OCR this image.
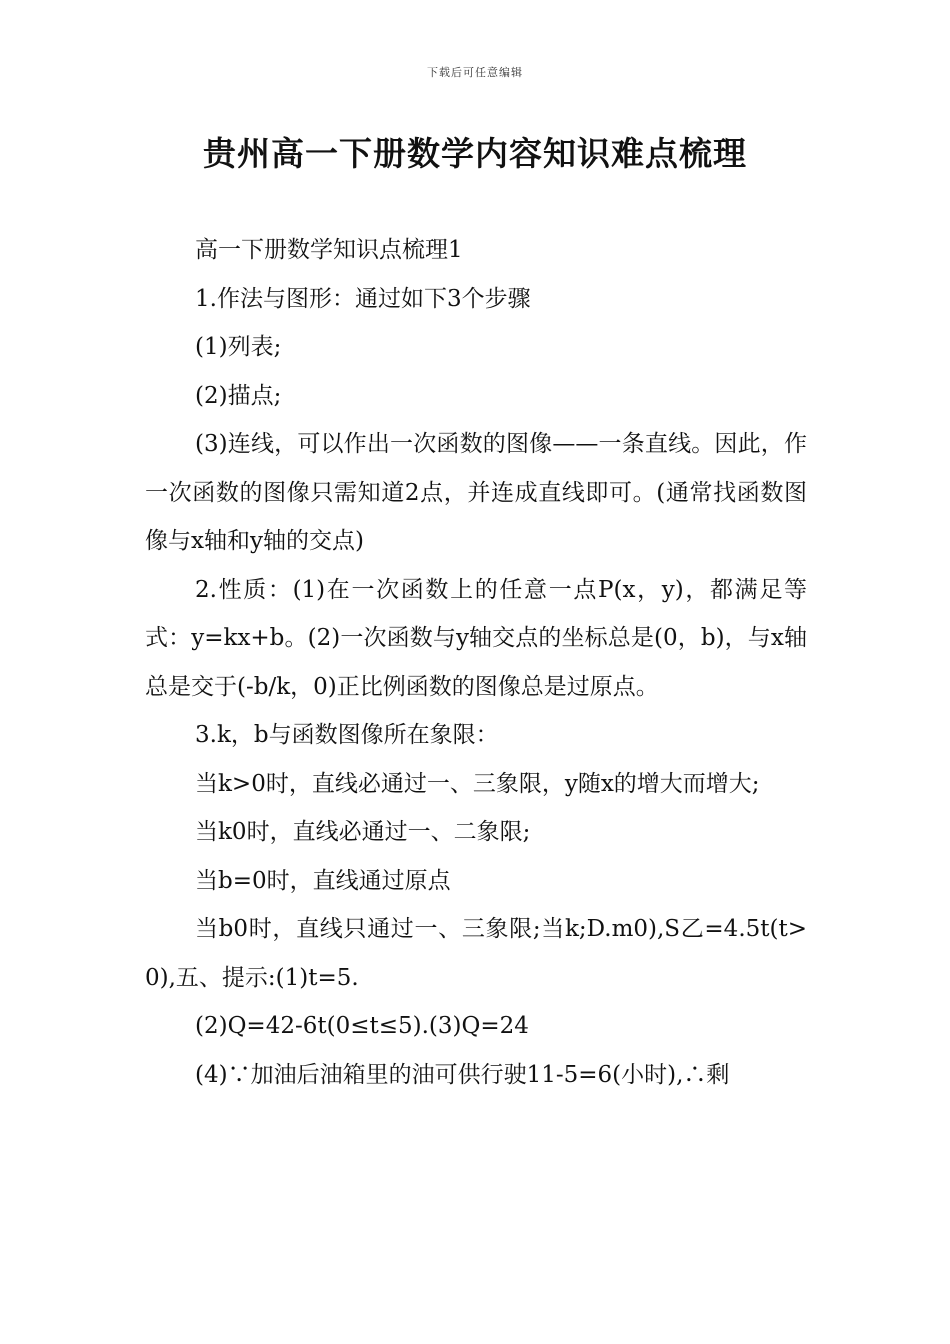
下载后可任意编辑
贵州高一下册数学内容知识难点梳理

高一下册数学知识点梳理1

1.作法与图形：通过如下3个步骤

(1)列表;

(2)描点;

(3)连线，可以作出一次函数的图像——一条直线。因此，作一次函数的图像只需知道2点，并连成直线即可。(通常找函数图像与x轴和y轴的交点)

2.性质：(1)在一次函数上的任意一点P(x，y)，都满足等式：y=kx+b。(2)一次函数与y轴交点的坐标总是(0，b)，与x轴总是交于(-b/k，0)正比例函数的图像总是过原点。

3.k，b与函数图像所在象限：

当k>0时，直线必通过一、三象限，y随x的增大而增大;

当k0时，直线必通过一、二象限;

当b=0时，直线通过原点

当b0时，直线只通过一、三象限;当k;D.m0),S乙=4.5t(t>0),五、提示:(1)t=5.

(2)Q=42-6t(0≤t≤5).(3)Q=24

(4)∵加油后油箱里的油可供行驶11-5=6(小时),∴剩
